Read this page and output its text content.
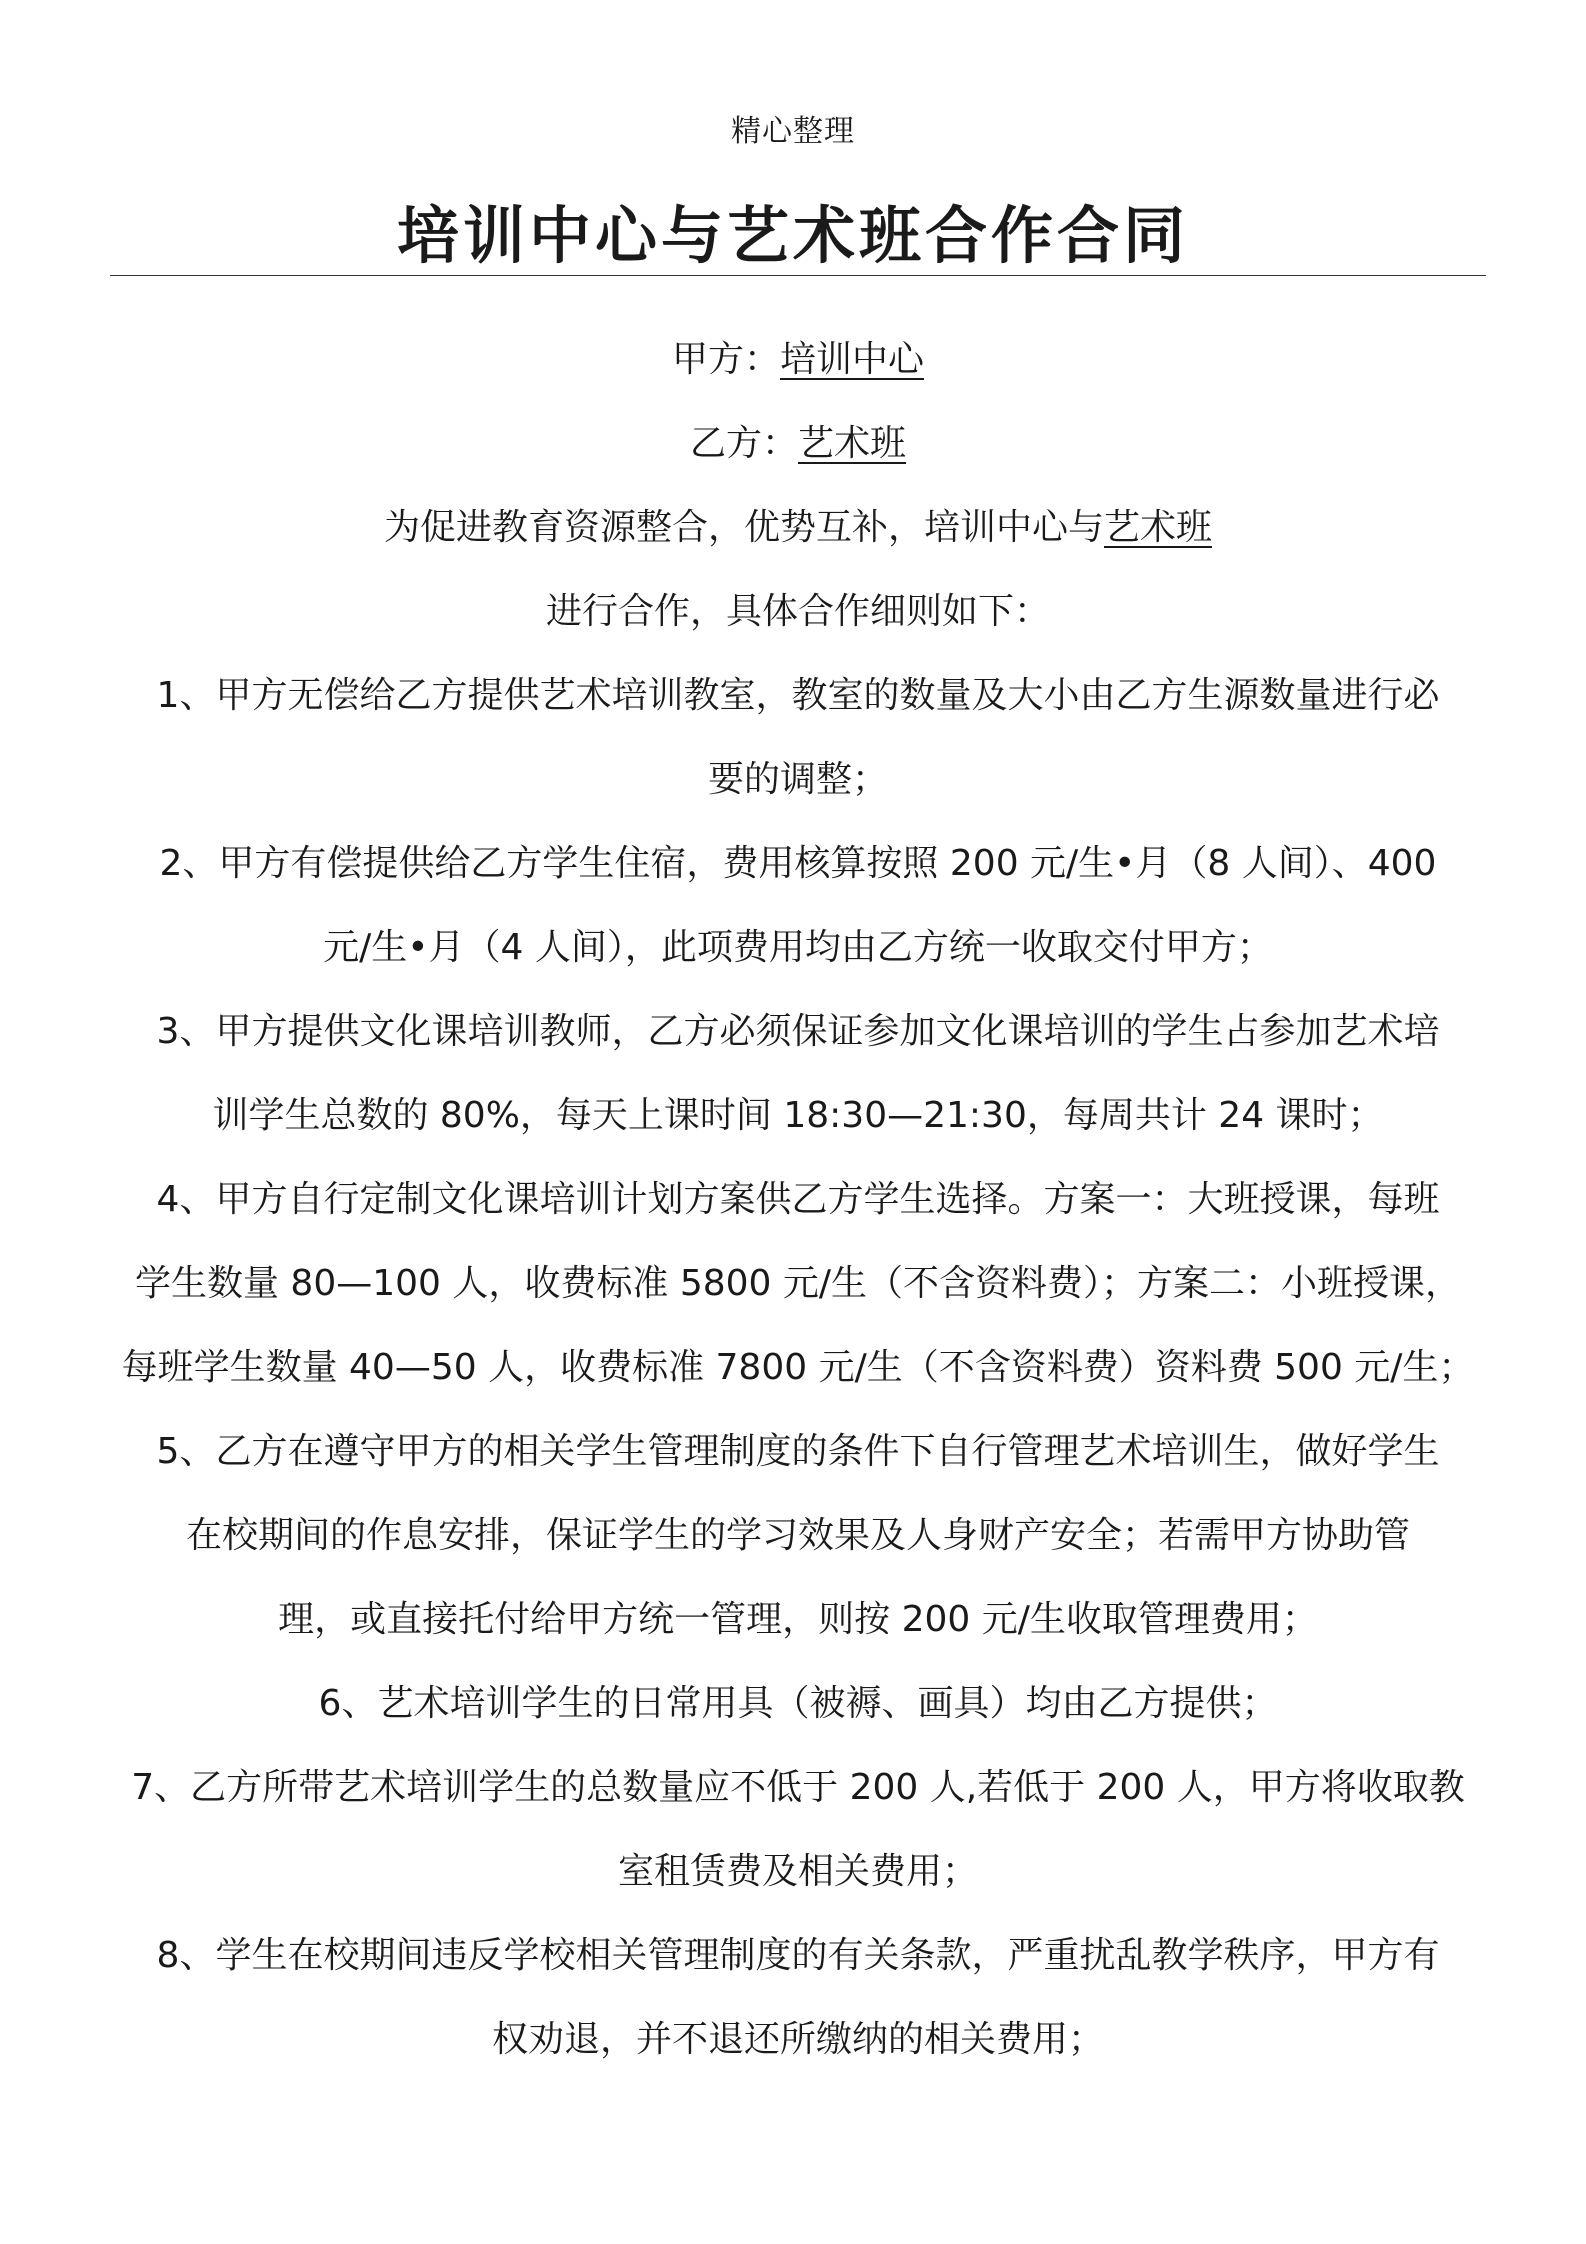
精心整理
培训中心与艺术班合作合同

甲方：培训中心

乙方：艺术班

为促进教育资源整合，优势互补，培训中心与艺术班

进行合作，具体合作细则如下：

1、甲方无偿给乙方提供艺术培训教室，教室的数量及大小由乙方生源数量进行必

要的调整；

2、甲方有偿提供给乙方学生住宿，费用核算按照 200 元/生•月（8 人间）、400

元/生•月（4 人间），此项费用均由乙方统一收取交付甲方；

3、甲方提供文化课培训教师，乙方必须保证参加文化课培训的学生占参加艺术培

训学生总数的 80%，每天上课时间 18:30—21:30，每周共计 24 课时；

4、甲方自行定制文化课培训计划方案供乙方学生选择。方案一：大班授课，每班

学生数量 80—100 人，收费标准 5800 元/生（不含资料费）；方案二：小班授课，

每班学生数量 40—50 人，收费标准 7800 元/生（不含资料费）资料费 500 元/生；

5、乙方在遵守甲方的相关学生管理制度的条件下自行管理艺术培训生，做好学生

在校期间的作息安排，保证学生的学习效果及人身财产安全；若需甲方协助管

理，或直接托付给甲方统一管理，则按 200 元/生收取管理费用；

6、艺术培训学生的日常用具（被褥、画具）均由乙方提供；

7、乙方所带艺术培训学生的总数量应不低于 200 人,若低于 200 人，甲方将收取教

室租赁费及相关费用；

8、学生在校期间违反学校相关管理制度的有关条款，严重扰乱教学秩序，甲方有

权劝退，并不退还所缴纳的相关费用；
